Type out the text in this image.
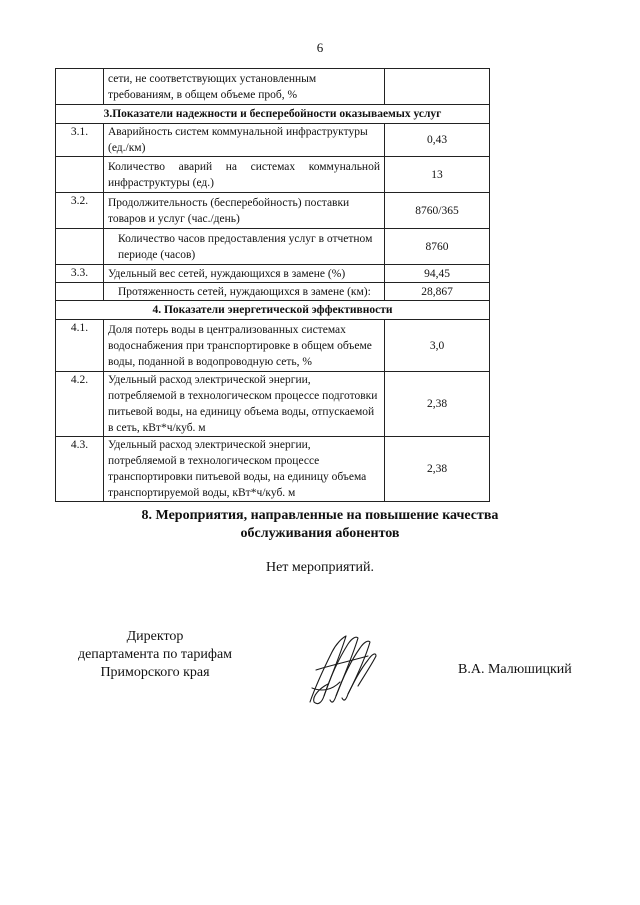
6
	сети, не соответствующих установленным требованиям, в общем объеме проб, %	
3.Показатели надежности и бесперебойности оказываемых услуг		
3.1.	Аварийность систем коммунальной инфраструктуры (ед./км)	0,43
	Количество аварий на системах коммунальной инфраструктуры (ед.)	13
3.2.	Продолжительность (бесперебойность) поставки товаров и услуг (час./день)	8760/365
	Количество часов предоставления услуг в отчетном периоде (часов)	8760
3.3.	Удельный вес сетей, нуждающихся в замене (%)	94,45
	Протяженность сетей, нуждающихся в замене (км):	28,867
4. Показатели энергетической эффективности		
4.1.	Доля потерь воды в централизованных системах водоснабжения при транспортировке в общем объеме воды, поданной в водопроводную сеть, %	3,0
4.2.	Удельный расход электрической энергии, потребляемой в технологическом процессе подготовки питьевой воды, на единицу объема воды, отпускаемой в сеть, кВт*ч/куб. м	2,38
4.3.	Удельный расход электрической энергии, потребляемой в технологическом процессе транспортировки питьевой воды, на единицу объема транспортируемой воды, кВт*ч/куб. м	2,38
8. Мероприятия, направленные на повышение качества
обслуживания абонентов
Нет мероприятий.
Директор
департамента по тарифам
Приморского края	В.А. Малюшицкий
